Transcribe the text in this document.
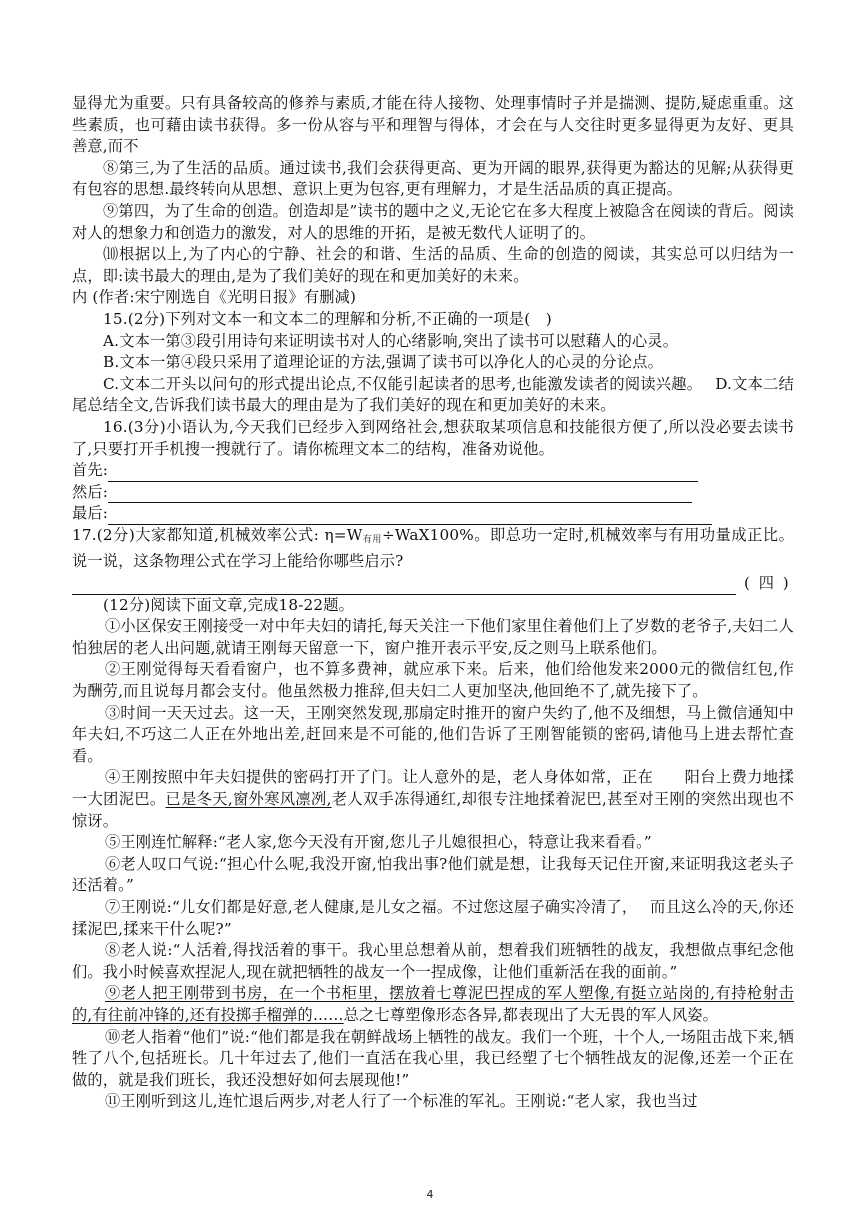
显得尤为重要。只有具备较高的修养与素质,才能在待人接物、处理事情时子并是揣测、提防,疑虑重重。这些素质，也可藉由读书获得。多一份从容与平和理智与得体，才会在与人交往时更多显得更为友好、更具善意,而不

⑧第三,为了生活的品质。通过读书,我们会获得更高、更为开阔的眼界,获得更为豁达的见解;从获得更有包容的思想.最终转向从思想、意识上更为包容,更有理解力，才是生活品质的真正提高。

⑨第四，为了生命的创造。创造却是”读书的题中之义,无论它在多大程度上被隐含在阅读的背后。阅读对人的想象力和创造力的激发，对人的思维的开拓，是被无数代人证明了的。

⑽根据以上,为了内心的宁静、社会的和谐、生活的品质、生命的创造的阅读，其实总可以归结为一点，即:读书最大的理由,是为了我们美好的现在和更加美好的未来。

内 (作者:宋宁刚选自《光明日报》有删减)

15.(2分)下列对文本一和文本二的理解和分析,不正确的一项是(　)

A.文本一第③段引用诗句来证明读书对人的心绪影响,突出了读书可以慰藉人的心灵。

B.文本一第④段只采用了道理论证的方法,强调了读书可以净化人的心灵的分论点。

C.文本二开头以问句的形式提出论点,不仅能引起读者的思考,也能激发读者的阅读兴趣。　 D.文本二结尾总结全文,告诉我们读书最大的理由是为了我们美好的现在和更加美好的未来。

16.(3分)小语认为,今天我们已经步入到网络社会,想获取某项信息和技能很方便了,所以没必要去读书了,只要打开手机搜一搜就行了。请你梳理文本二的结构，准备劝说他。

首先:
然后:
最后:

17.(2分)大家都知道,机械效率公式: $\eta=W_{有用}\div WaX100\%$。即总功一定时,机械效率与有用功量成正比。说一说，这条物理公式在学习上能给你哪些启示?

( 四 )

(12分)阅读下面文章,完成18-22题。

①小区保安王刚接受一对中年夫妇的请托,每天关注一下他们家里住着他们上了岁数的老爷子,夫妇二人怕独居的老人出问题,就请王刚每天留意一下，窗户推开表示平安,反之则马上联系他们。

②王刚觉得每天看看窗户，也不算多费神，就应承下来。后来，他们给他发来2000元的微信红包,作为酬劳,而且说每月都会支付。他虽然极力推辞,但夫妇二人更加坚决,他回绝不了,就先接下了。

③时间一天天过去。这一天，王刚突然发现,那扇定时推开的窗户失约了,他不及细想，马上微信通知中年夫妇,不巧这二人正在外地出差,赶回来是不可能的,他们告诉了王刚智能锁的密码,请他马上进去帮忙查看。

④王刚按照中年夫妇提供的密码打开了门。让人意外的是，老人身体如常，正在　　阳台上费力地揉一大团泥巴。已是冬天,窗外寒风凛冽,老人双手冻得通红,却很专注地揉着泥巴,甚至对王刚的突然出现也不惊讶。

⑤王刚连忙解释:“老人家,您今天没有开窗,您儿子儿媳很担心，特意让我来看看。”

⑥老人叹口气说:“担心什么呢,我没开窗,怕我出事?他们就是想，让我每天记住开窗,来证明我这老头子还活着。”

⑦王刚说:“儿女们都是好意,老人健康,是儿女之福。不过您这屋子确实冷清了，　 而且这么冷的天,你还揉泥巴,揉来干什么呢?”

⑧老人说:“人活着,得找活着的事干。我心里总想着从前，想着我们班牺牲的战友，我想做点事纪念他们。我小时候喜欢捏泥人,现在就把牺牲的战友一个一捏成像，让他们重新活在我的面前。”

⑨老人把王刚带到书房，在一个书柜里，摆放着七尊泥巴捏成的军人塑像,有挺立站岗的,有持枪射击的,有往前冲锋的,还有投掷手榴弹的……总之七尊塑像形态各异,都表现出了大无畏的军人风姿。

⑩老人指着“他们”说:“他们都是我在朝鲜战场上牺牲的战友。我们一个班，十个人,一场阻击战下来,牺牲了八个,包括班长。几十年过去了,他们一直活在我心里，我已经塑了七个牺牲战友的泥像,还差一个正在做的，就是我们班长，我还没想好如何去展现他!”

⑪王刚听到这儿,连忙退后两步,对老人行了一个标准的军礼。王刚说:“老人家，我也当过

4
